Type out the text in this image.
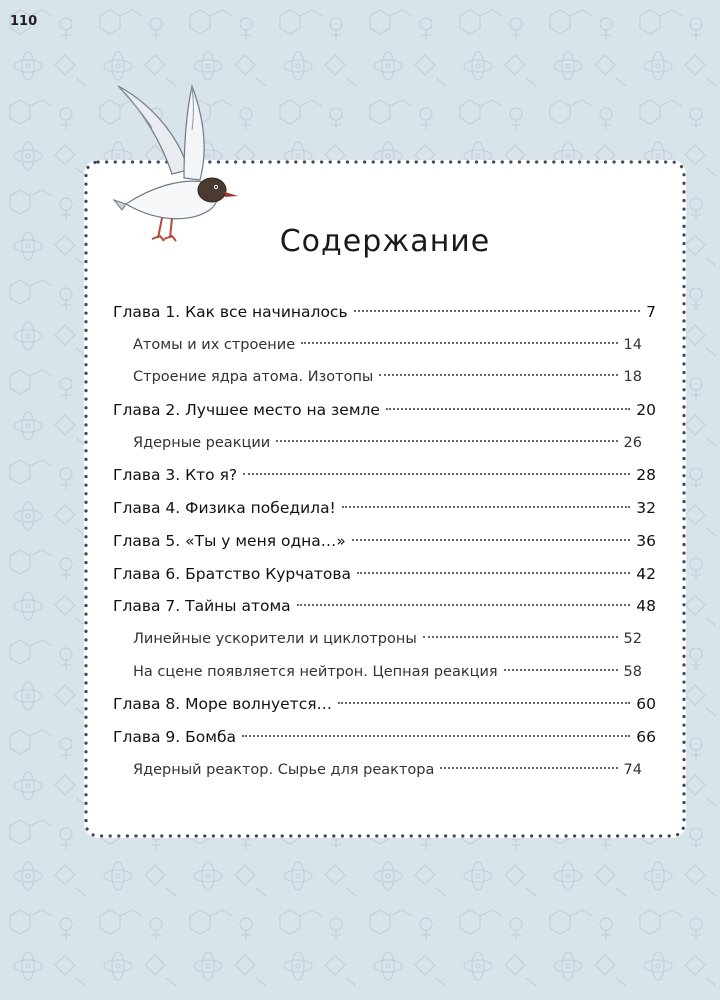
110
Содержание
Глава 1. Как все начиналось	7
Атомы и их строение	14
Строение ядра атома. Изотопы	18
Глава 2. Лучшее место на земле	20
Ядерные реакции	26
Глава 3. Кто я?	28
Глава 4. Физика победила!	32
Глава 5. «Ты у меня одна…»	36
Глава 6. Братство Курчатова	42
Глава 7. Тайны атома	48
Линейные ускорители и циклотроны	52
На сцене появляется нейтрон. Цепная реакция	58
Глава 8. Море волнуется…	60
Глава 9. Бомба	66
Ядерный реактор. Сырье для реактора	74
